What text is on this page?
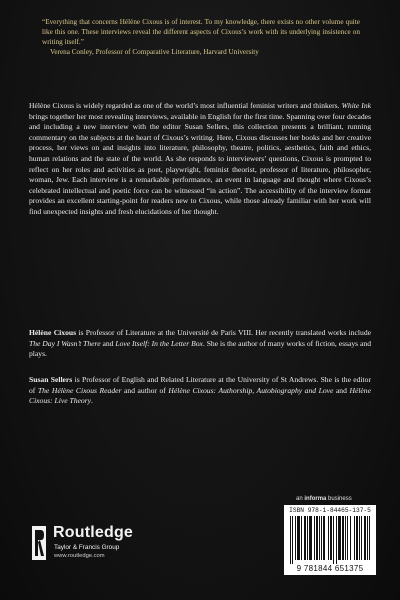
“Everything that concerns Hélène Cixous is of interest. To my knowledge, there exists no other volume quite like this one. These interviews reveal the different aspects of Cixous’s work with its underlying insistence on writing itself.”

Verena Conley, Professor of Comparative Literature, Harvard University

Hélène Cixous is widely regarded as one of the world’s most influential feminist writers and thinkers. White Ink brings together her most revealing interviews, available in English for the first time. Spanning over four decades and including a new interview with the editor Susan Sellers, this collection presents a brilliant, running commentary on the subjects at the heart of Cixous’s writing. Here, Cixous discusses her books and her creative process, her views on and insights into literature, philosophy, theatre, politics, aesthetics, faith and ethics, human relations and the state of the world. As she responds to interviewers’ questions, Cixous is prompted to reflect on her roles and activities as poet, playwright, feminist theorist, professor of literature, philosopher, woman, Jew. Each interview is a remarkable performance, an event in language and thought where Cixous’s celebrated intellectual and poetic force can be witnessed “in action”. The accessibility of the interview format provides an excellent starting-point for readers new to Cixous, while those already familiar with her work will find unexpected insights and fresh elucidations of her thought.
Hélène Cixous is Professor of Literature at the Université de Paris VIII. Her recently translated works include The Day I Wasn’t There and Love Itself: In the Letter Box. She is the author of many works of fiction, essays and plays.
Susan Sellers is Professor of English and Related Literature at the University of St Andrews. She is the editor of The Hélène Cixous Reader and author of Hélène Cixous: Authorship, Autobiography and Love and Hélène Cixous: Live Theory.
Routledge
Taylor & Francis Group
www.routledge.com
an informa business
ISBN 978-1-84465-137-5
9 781844 651375
